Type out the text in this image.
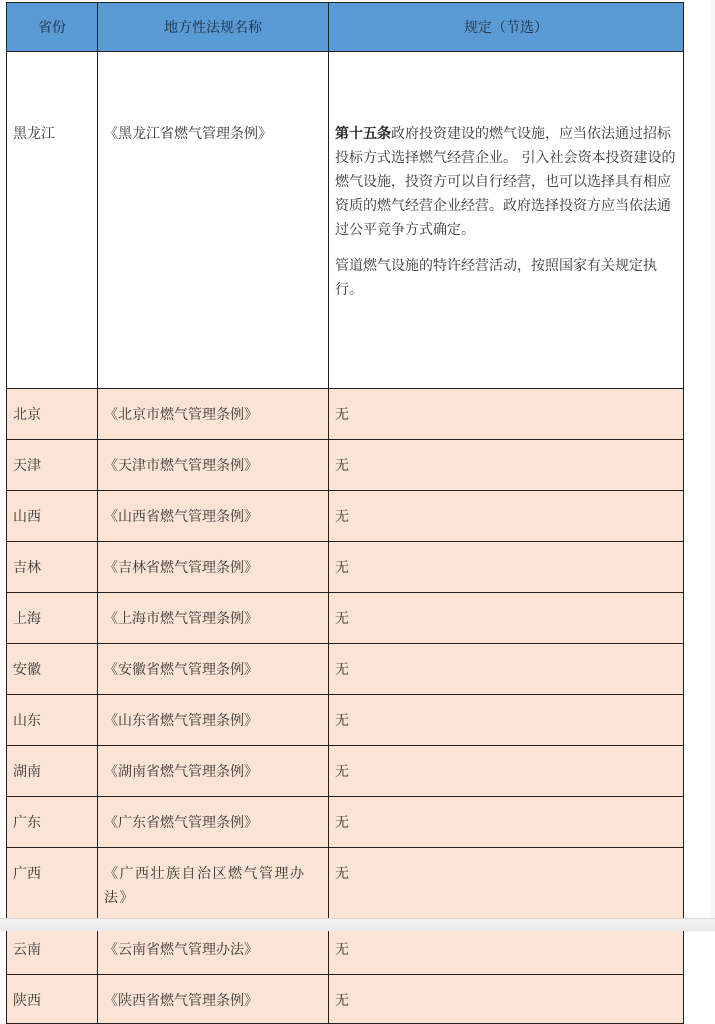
省份	地方性法规名称	规定（节选）
黑龙江	《黑龙江省燃气管理条例》	第十五条政府投资建设的燃气设施，应当依法通过招标投标方式选择燃气经营企业。 引入社会资本投资建设的燃气设施，投资方可以自行经营，也可以选择具有相应资质的燃气经营企业经营。政府选择投资方应当依法通过公平竞争方式确定。

管道燃气设施的特许经营活动，按照国家有关规定执行。

北京	《北京市燃气管理条例》	无
天津	《天津市燃气管理条例》	无
山西	《山西省燃气管理条例》	无
吉林	《吉林省燃气管理条例》	无
上海	《上海市燃气管理条例》	无
安徽	《安徽省燃气管理条例》	无
山东	《山东省燃气管理条例》	无
湖南	《湖南省燃气管理条例》	无
广东	《广东省燃气管理条例》	无
广西	《广西壮族自治区燃气管理办法》	无
云南	《云南省燃气管理办法》	无
陕西	《陕西省燃气管理条例》	无
